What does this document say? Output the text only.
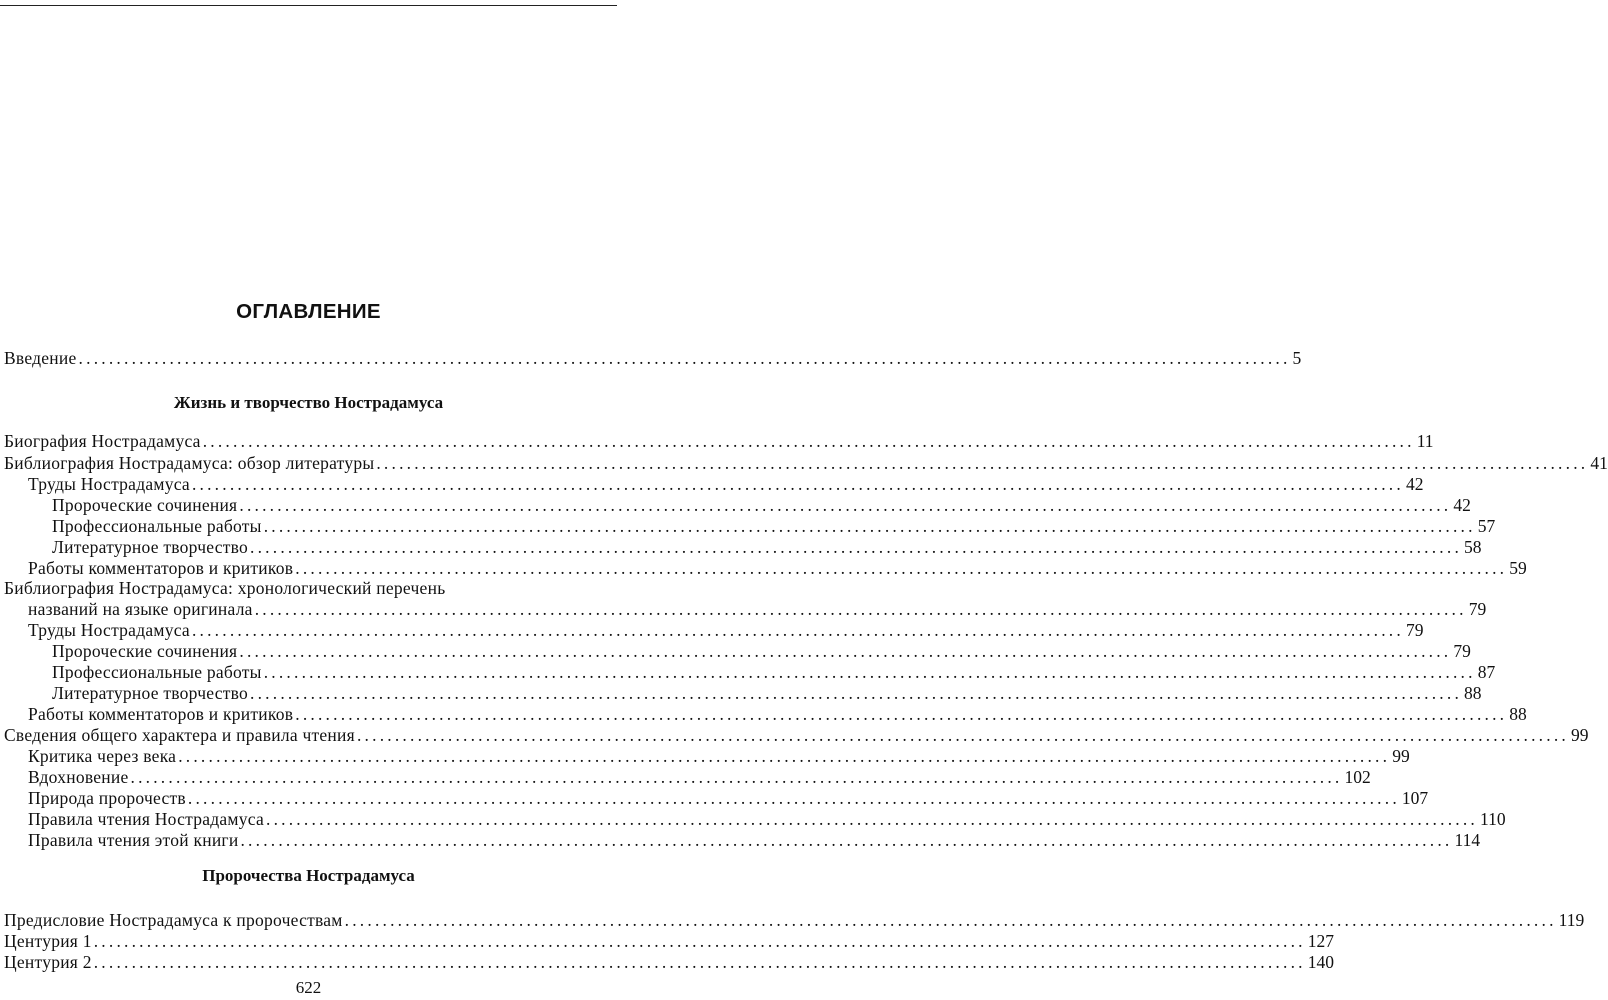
ОГЛАВЛЕНИЕ
Введение ................................................................................................................................................................ 5
Жизнь и творчество Нострадамуса
Биография Нострадамуса ................................................................................................................................................................ 11
Библиография Нострадамуса: обзор литературы ................................................................................................................................................................ 41
Труды Нострадамуса ................................................................................................................................................................ 42
Пророческие сочинения ................................................................................................................................................................ 42
Профессиональные работы ................................................................................................................................................................ 57
Литературное творчество ................................................................................................................................................................ 58
Работы комментаторов и критиков ................................................................................................................................................................ 59
Библиография Нострадамуса: хронологический перечень
названий на языке оригинала ................................................................................................................................................................ 79
Труды Нострадамуса ................................................................................................................................................................ 79
Пророческие сочинения ................................................................................................................................................................ 79
Профессиональные работы ................................................................................................................................................................ 87
Литературное творчество ................................................................................................................................................................ 88
Работы комментаторов и критиков ................................................................................................................................................................ 88
Сведения общего характера и правила чтения ................................................................................................................................................................ 99
Критика через века ................................................................................................................................................................ 99
Вдохновение ................................................................................................................................................................ 102
Природа пророчеств ................................................................................................................................................................ 107
Правила чтения Нострадамуса ................................................................................................................................................................ 110
Правила чтения этой книги ................................................................................................................................................................ 114
Пророчества Нострадамуса
Предисловие Нострадамуса к пророчествам ................................................................................................................................................................ 119
Центурия 1 ................................................................................................................................................................ 127
Центурия 2 ................................................................................................................................................................ 140
622
